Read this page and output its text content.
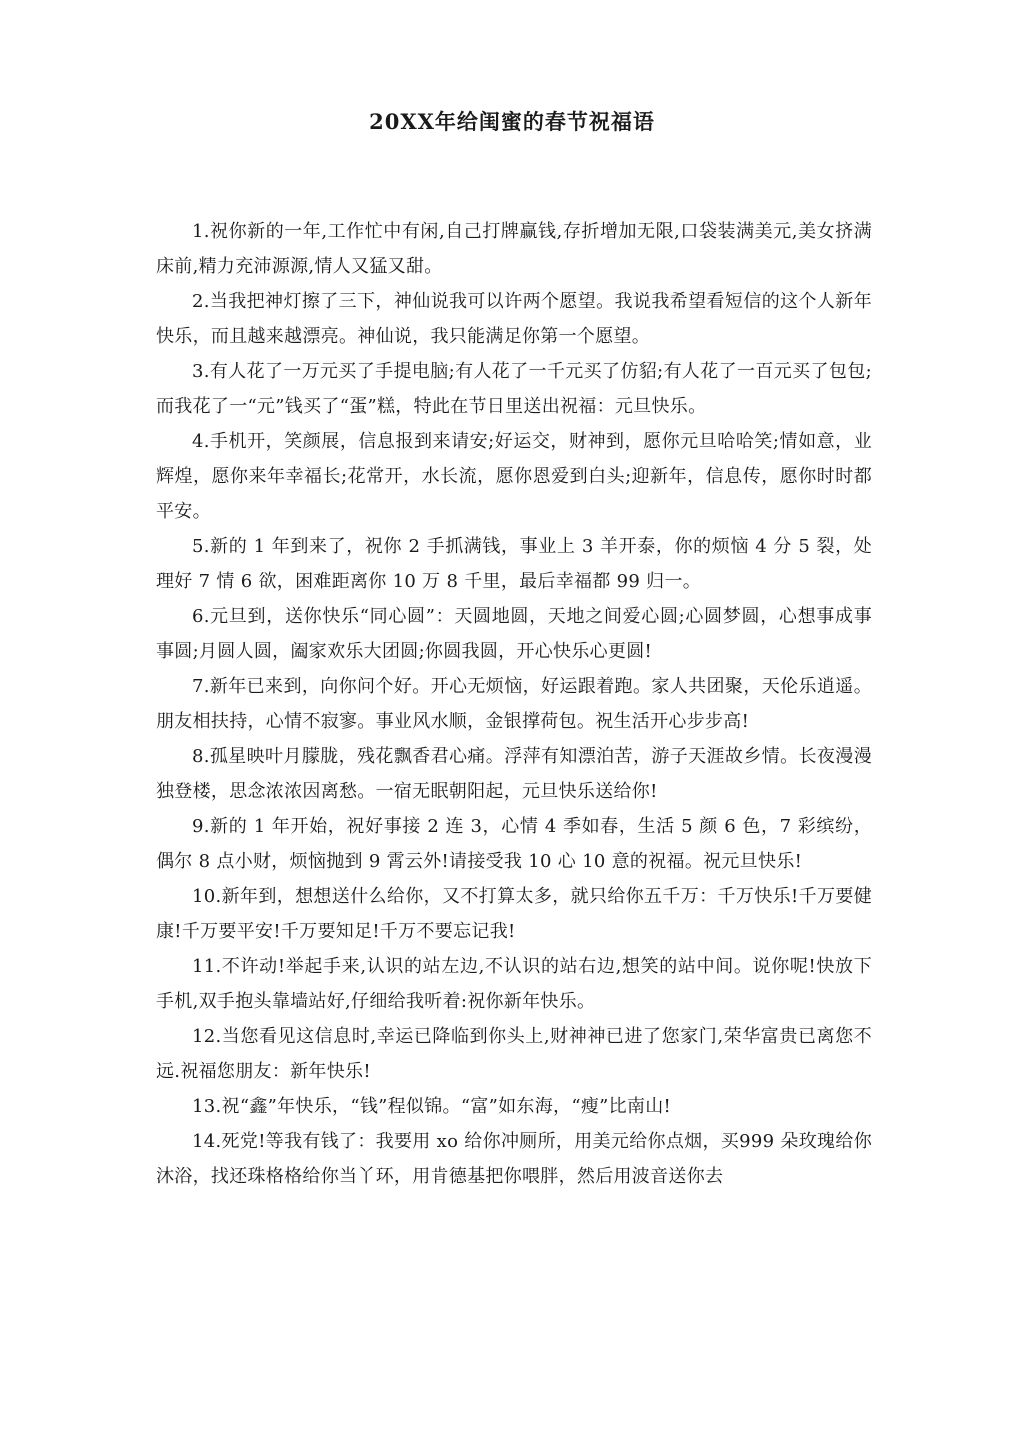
20XX年给闺蜜的春节祝福语

1.祝你新的一年,工作忙中有闲,自己打牌赢钱,存折增加无限,口袋装满美元,美女挤满床前,精力充沛源源,情人又猛又甜。

2.当我把神灯擦了三下，神仙说我可以许两个愿望。我说我希望看短信的这个人新年快乐，而且越来越漂亮。神仙说，我只能满足你第一个愿望。

3.有人花了一万元买了手提电脑;有人花了一千元买了仿貂;有人花了一百元买了包包;而我花了一“元”钱买了“蛋”糕，特此在节日里送出祝福：元旦快乐。

4.手机开，笑颜展，信息报到来请安;好运交，财神到，愿你元旦哈哈笑;情如意，业辉煌，愿你来年幸福长;花常开，水长流，愿你恩爱到白头;迎新年，信息传，愿你时时都平安。

5.新的 1 年到来了，祝你 2 手抓满钱，事业上 3 羊开泰，你的烦恼 4 分 5 裂，处理好 7 情 6 欲，困难距离你 10 万 8 千里，最后幸福都 99 归一。

6.元旦到，送你快乐“同心圆”：天圆地圆，天地之间爱心圆;心圆梦圆，心想事成事事圆;月圆人圆，阖家欢乐大团圆;你圆我圆，开心快乐心更圆!

7.新年已来到，向你问个好。开心无烦恼，好运跟着跑。家人共团聚，天伦乐逍遥。朋友相扶持，心情不寂寥。事业风水顺，金银撑荷包。祝生活开心步步高!

8.孤星映叶月朦胧，残花飘香君心痛。浮萍有知漂泊苦，游子天涯故乡情。长夜漫漫独登楼，思念浓浓因离愁。一宿无眠朝阳起，元旦快乐送给你!

9.新的 1 年开始，祝好事接 2 连 3，心情 4 季如春，生活 5 颜 6 色，7 彩缤纷，偶尔 8 点小财，烦恼抛到 9 霄云外!请接受我 10 心 10 意的祝福。祝元旦快乐!

10.新年到，想想送什么给你，又不打算太多，就只给你五千万：千万快乐!千万要健康!千万要平安!千万要知足!千万不要忘记我!

11.不许动!举起手来,认识的站左边,不认识的站右边,想笑的站中间。说你呢!快放下手机,双手抱头靠墙站好,仔细给我听着:祝你新年快乐。

12.当您看见这信息时,幸运已降临到你头上,财神神已进了您家门,荣华富贵已离您不远.祝福您朋友：新年快乐!

13.祝“鑫”年快乐，“钱”程似锦。“富”如东海，“瘦”比南山!

14.死党!等我有钱了：我要用 xo 给你冲厕所，用美元给你点烟，买999 朵玫瑰给你沐浴，找还珠格格给你当丫环，用肯德基把你喂胖，然后用波音送你去
